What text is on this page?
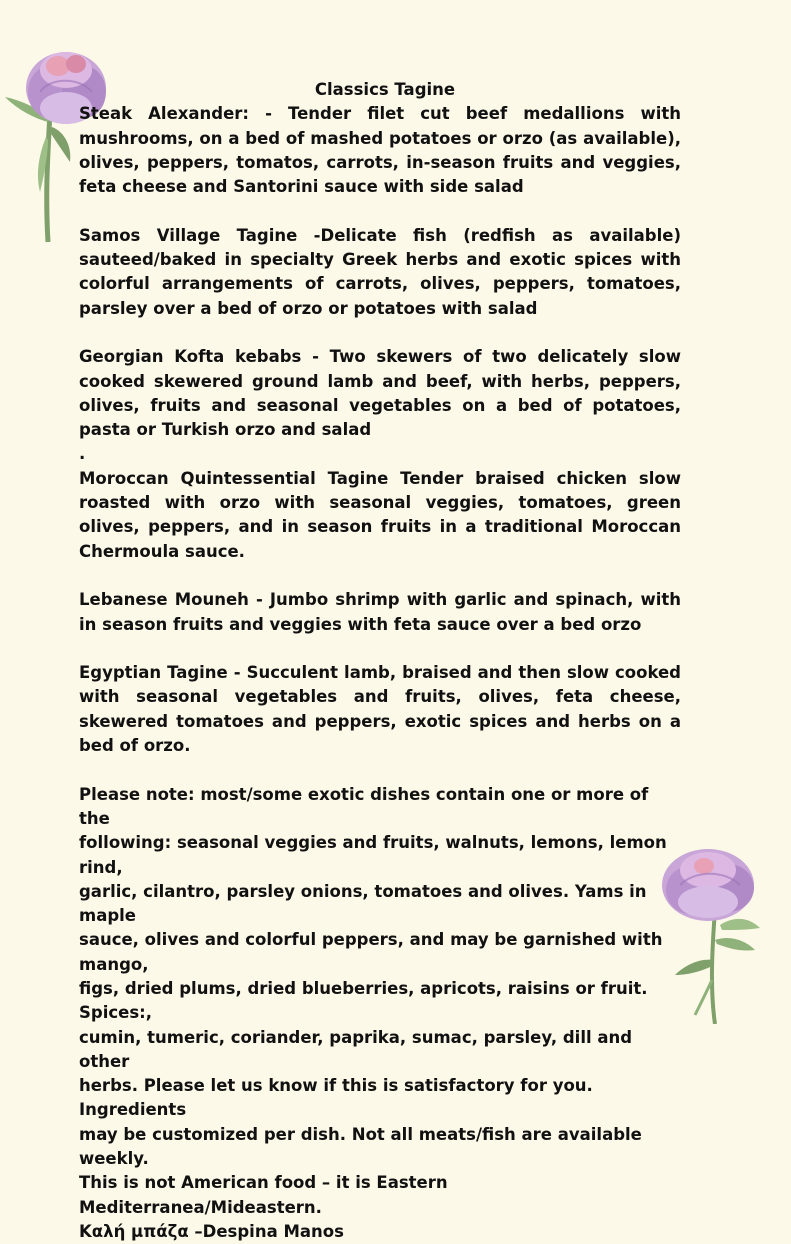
Classics Tagine

Steak Alexander: - Tender filet cut beef medallions with mushrooms, on a bed of mashed potatoes or orzo (as available), olives, peppers, tomatos, carrots, in-season fruits and veggies, feta cheese and Santorini sauce with side salad

Samos Village Tagine -Delicate fish (redfish as available) sauteed/baked in specialty Greek herbs and exotic spices with colorful arrangements of carrots, olives, peppers, tomatoes, parsley over a bed of orzo or potatoes with salad

Georgian Kofta kebabs - Two skewers of two delicately slow cooked skewered ground lamb and beef, with herbs, peppers, olives, fruits and seasonal vegetables on a bed of potatoes, pasta or Turkish orzo and salad

.

Moroccan Quintessential Tagine Tender braised chicken slow roasted with orzo with seasonal veggies, tomatoes, green olives, peppers, and in season fruits in a traditional Moroccan Chermoula sauce.

Lebanese Mouneh - Jumbo shrimp with garlic and spinach, with in season fruits and veggies with feta sauce over a bed orzo

Egyptian Tagine - Succulent lamb, braised and then slow cooked with seasonal vegetables and fruits, olives, feta cheese, skewered tomatoes and peppers, exotic spices and herbs on a bed of orzo.

Please note: most/some exotic dishes contain one or more of the
following: seasonal veggies and fruits, walnuts, lemons, lemon rind,
garlic, cilantro, parsley onions, tomatoes and olives. Yams in maple
sauce, olives and colorful peppers, and may be garnished with mango,
figs, dried plums, dried blueberries, apricots, raisins or fruit. Spices:,
cumin, tumeric, coriander, paprika, sumac, parsley, dill and other
herbs. Please let us know if this is satisfactory for you. Ingredients
may be customized per dish. Not all meats/fish are available weekly.
This is not American food – it is Eastern Mediterranea/Mideastern.
Καλή μπάζα –Despina Manos
